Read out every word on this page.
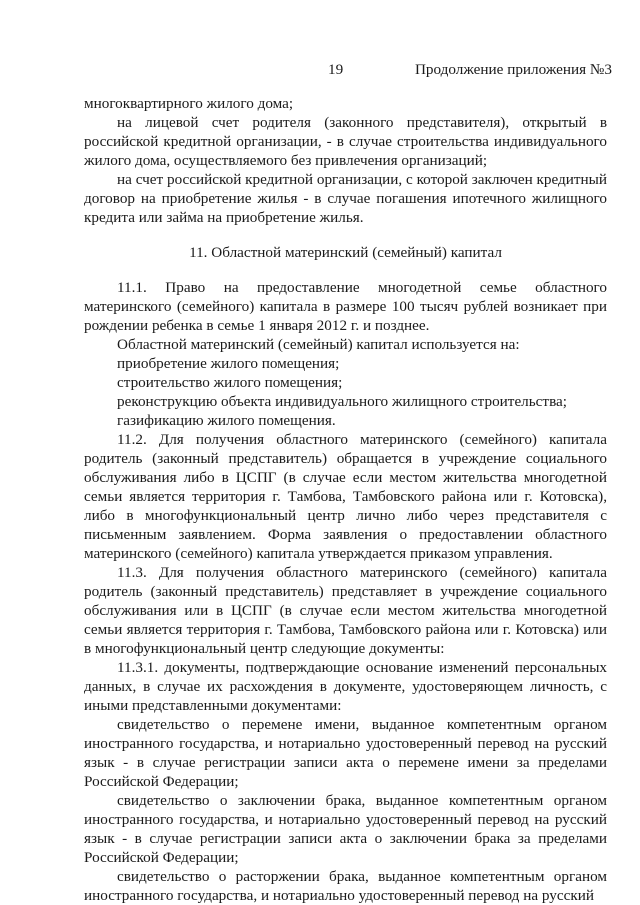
19	Продолжение приложения №3

многоквартирного жилого дома;

на лицевой счет родителя (законного представителя), открытый в российской кредитной организации, - в случае строительства индивидуального жилого дома, осуществляемого без привлечения организаций;

на счет российской кредитной организации, с которой заключен кредитный договор на приобретение жилья - в случае погашения ипотечного жилищного кредита или займа на приобретение жилья.

11. Областной материнский (семейный) капитал

11.1. Право на предоставление многодетной семье областного материнского (семейного) капитала в размере 100 тысяч рублей возникает при рождении ребенка в семье 1 января 2012 г. и позднее.

Областной материнский (семейный) капитал используется на:

приобретение жилого помещения;

строительство жилого помещения;

реконструкцию объекта индивидуального жилищного строительства;

газификацию жилого помещения.

11.2. Для получения областного материнского (семейного) капитала родитель (законный представитель) обращается в учреждение социального обслуживания либо в ЦСПГ (в случае если местом жительства многодетной семьи является территория г. Тамбова, Тамбовского района или г. Котовска), либо в многофункциональный центр лично либо через представителя с письменным заявлением. Форма заявления о предоставлении областного материнского (семейного) капитала утверждается приказом управления.

11.3. Для получения областного материнского (семейного) капитала родитель (законный представитель) представляет в учреждение социального обслуживания или в ЦСПГ (в случае если местом жительства многодетной семьи является территория г. Тамбова, Тамбовского района или г. Котовска) или в многофункциональный центр следующие документы:

11.3.1. документы, подтверждающие основание изменений персональных данных, в случае их расхождения в документе, удостоверяющем личность, с иными представленными документами:

свидетельство о перемене имени, выданное компетентным органом иностранного государства, и нотариально удостоверенный перевод на русский язык - в случае регистрации записи акта о перемене имени за пределами Российской Федерации;

свидетельство о заключении брака, выданное компетентным органом иностранного государства, и нотариально удостоверенный перевод на русский язык - в случае регистрации записи акта о заключении брака за пределами Российской Федерации;

свидетельство о расторжении брака, выданное компетентным органом иностранного государства, и нотариально удостоверенный перевод на русский
